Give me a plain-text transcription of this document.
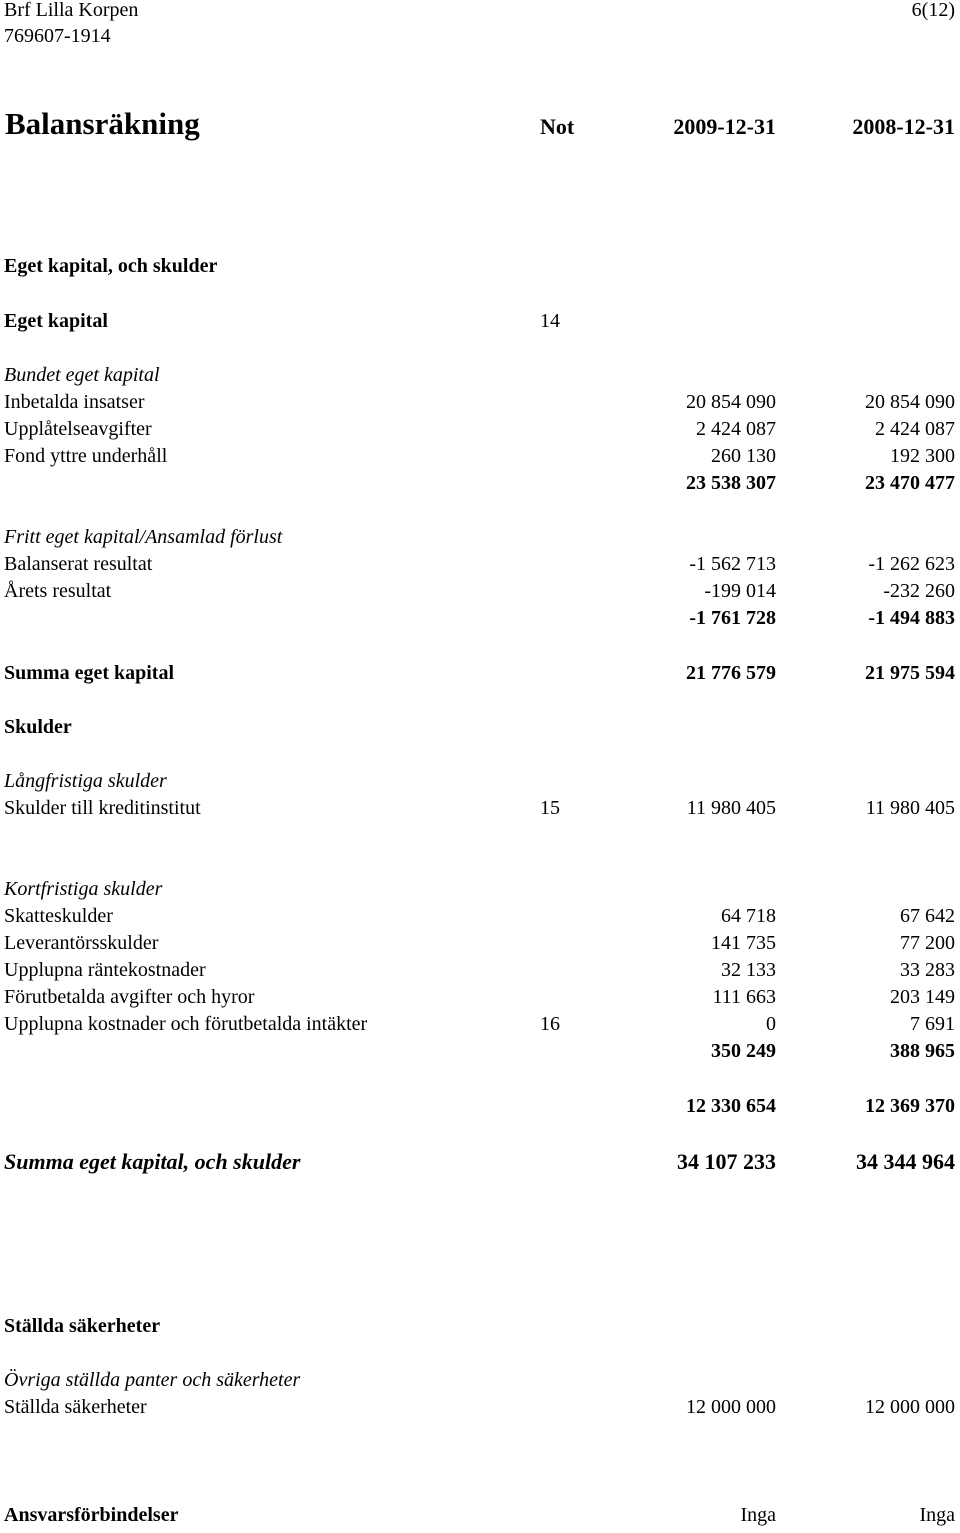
Brf Lilla Korpen
769607-1914
6(12)
Balansräkning	Not	2009-12-31	2008-12-31
Eget kapital, och skulder
Eget kapital	14
Bundet eget kapital
Inbetalda insatser	20 854 090	20 854 090
Upplåtelseavgifter	2 424 087	2 424 087
Fond yttre underhåll	260 130	192 300
23 538 307	23 470 477
Fritt eget kapital/Ansamlad förlust
Balanserat resultat	-1 562 713	-1 262 623
Årets resultat	-199 014	-232 260
-1 761 728	-1 494 883
Summa eget kapital	21 776 579	21 975 594
Skulder
Långfristiga skulder
Skulder till kreditinstitut	15	11 980 405	11 980 405
Kortfristiga skulder
Skatteskulder	64 718	67 642
Leverantörsskulder	141 735	77 200
Upplupna räntekostnader	32 133	33 283
Förutbetalda avgifter och hyror	111 663	203 149
Upplupna kostnader och förutbetalda intäkter	16	0	7 691
350 249	388 965
12 330 654	12 369 370
Summa eget kapital, och skulder	34 107 233	34 344 964
Ställda säkerheter
Övriga ställda panter och säkerheter
Ställda säkerheter	12 000 000	12 000 000
Ansvarsförbindelser	Inga	Inga
